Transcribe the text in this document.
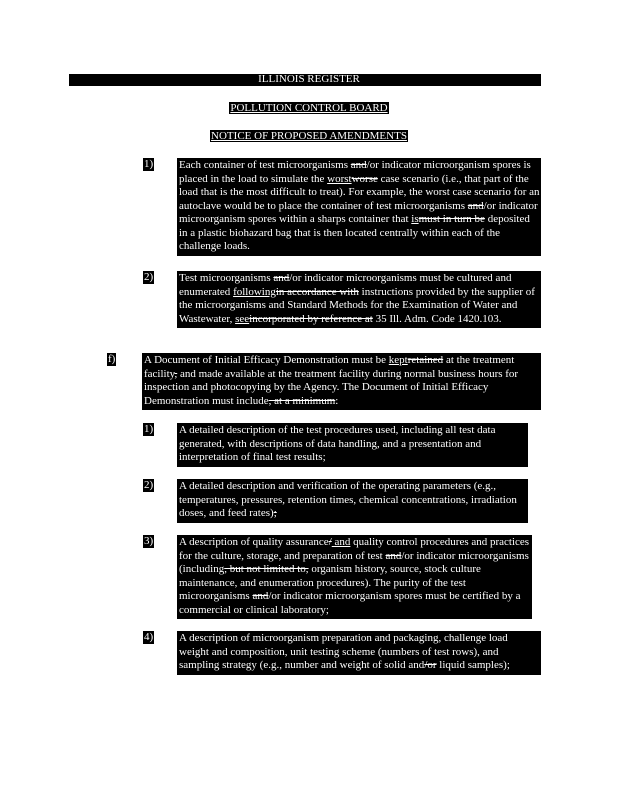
ILLINOIS REGISTER
POLLUTION CONTROL BOARD
NOTICE OF PROPOSED AMENDMENTS
1)
2)
f)
1)
2)
3)
4)
Each container of test microorganisms and/or indicator microorganism spores is placed in the load to simulate the worstworse case scenario (i.e., that part of the load that is the most difficult to treat). For example, the worst case scenario for an autoclave would be to place the container of test microorganisms and/or indicator microorganism spores within a sharps container that ismust in turn be deposited in a plastic biohazard bag that is then located centrally within each of the challenge loads.
Test microorganisms and/or indicator microorganisms must be cultured and enumerated followingin accordance with instructions provided by the supplier of the microorganisms and Standard Methods for the Examination of Water and Wastewater, seeincorporated by reference at 35 Ill. Adm. Code 1420.103.
A Document of Initial Efficacy Demonstration must be keptretained at the treatment facility, and made available at the treatment facility during normal business hours for inspection and photocopying by the Agency. The Document of Initial Efficacy Demonstration must include, at a minimum:
A detailed description of the test procedures used, including all test data generated, with descriptions of data handling, and a presentation and interpretation of final test results;
A detailed description and verification of the operating parameters (e.g., temperatures, pressures, retention times, chemical concentrations, irradiation doses, and feed rates);
A description of quality assurance/ and quality control procedures and practices for the culture, storage, and preparation of test and/or indicator microorganisms (including, but not limited to, organism history, source, stock culture maintenance, and enumeration procedures). The purity of the test microorganisms and/or indicator microorganism spores must be certified by a commercial or clinical laboratory;
A description of microorganism preparation and packaging, challenge load weight and composition, unit testing scheme (numbers of test rows), and sampling strategy (e.g., number and weight of solid and/or liquid samples);
